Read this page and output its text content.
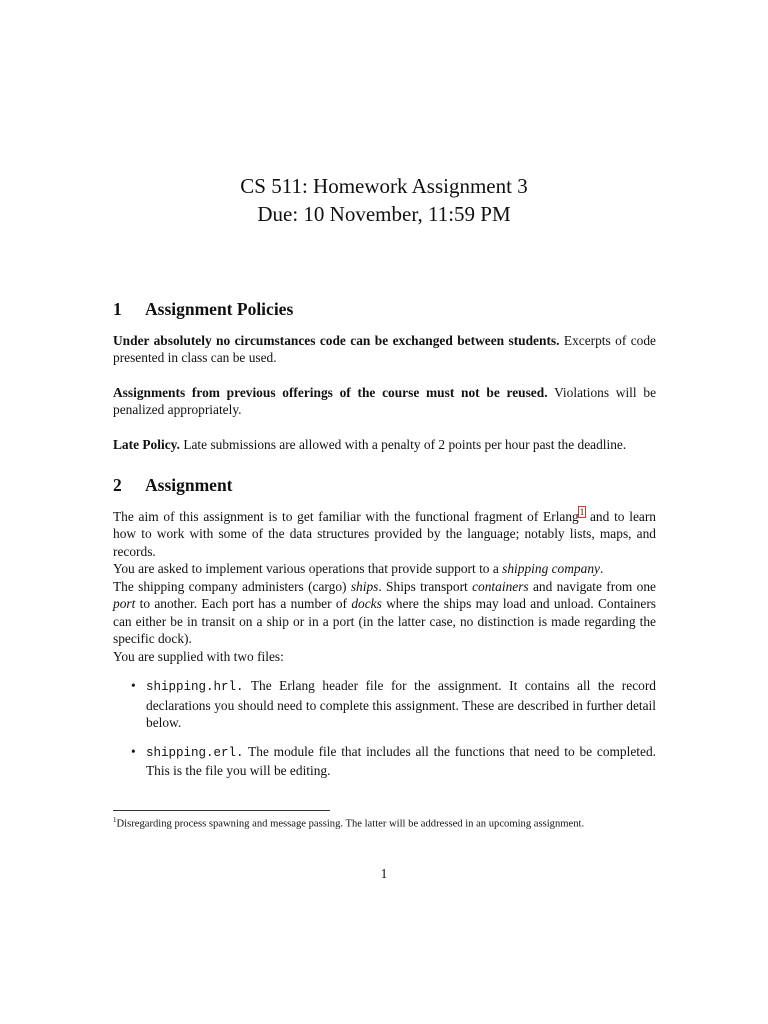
CS 511: Homework Assignment 3
Due: 10 November, 11:59 PM
1	Assignment Policies

Under absolutely no circumstances code can be exchanged between students. Excerpts of code presented in class can be used.

Assignments from previous offerings of the course must not be reused. Violations will be penalized appropriately.

Late Policy. Late submissions are allowed with a penalty of 2 points per hour past the deadline.

2	Assignment

The aim of this assignment is to get familiar with the functional fragment of Erlang$^1$ and to learn how to work with some of the data structures provided by the language; notably lists, maps, and records.

You are asked to implement various operations that provide support to a shipping company.

The shipping company administers (cargo) ships. Ships transport containers and navigate from one port to another. Each port has a number of docks where the ships may load and unload. Containers can either be in transit on a ship or in a port (in the latter case, no distinction is made regarding the specific dock).

You are supplied with two files:

• shipping.hrl. The Erlang header file for the assignment. It contains all the record declarations you should need to complete this assignment. These are described in further detail below.
• shipping.erl. The module file that includes all the functions that need to be completed. This is the file you will be editing.
$^1$Disregarding process spawning and message passing. The latter will be addressed in an upcoming assignment.
1
